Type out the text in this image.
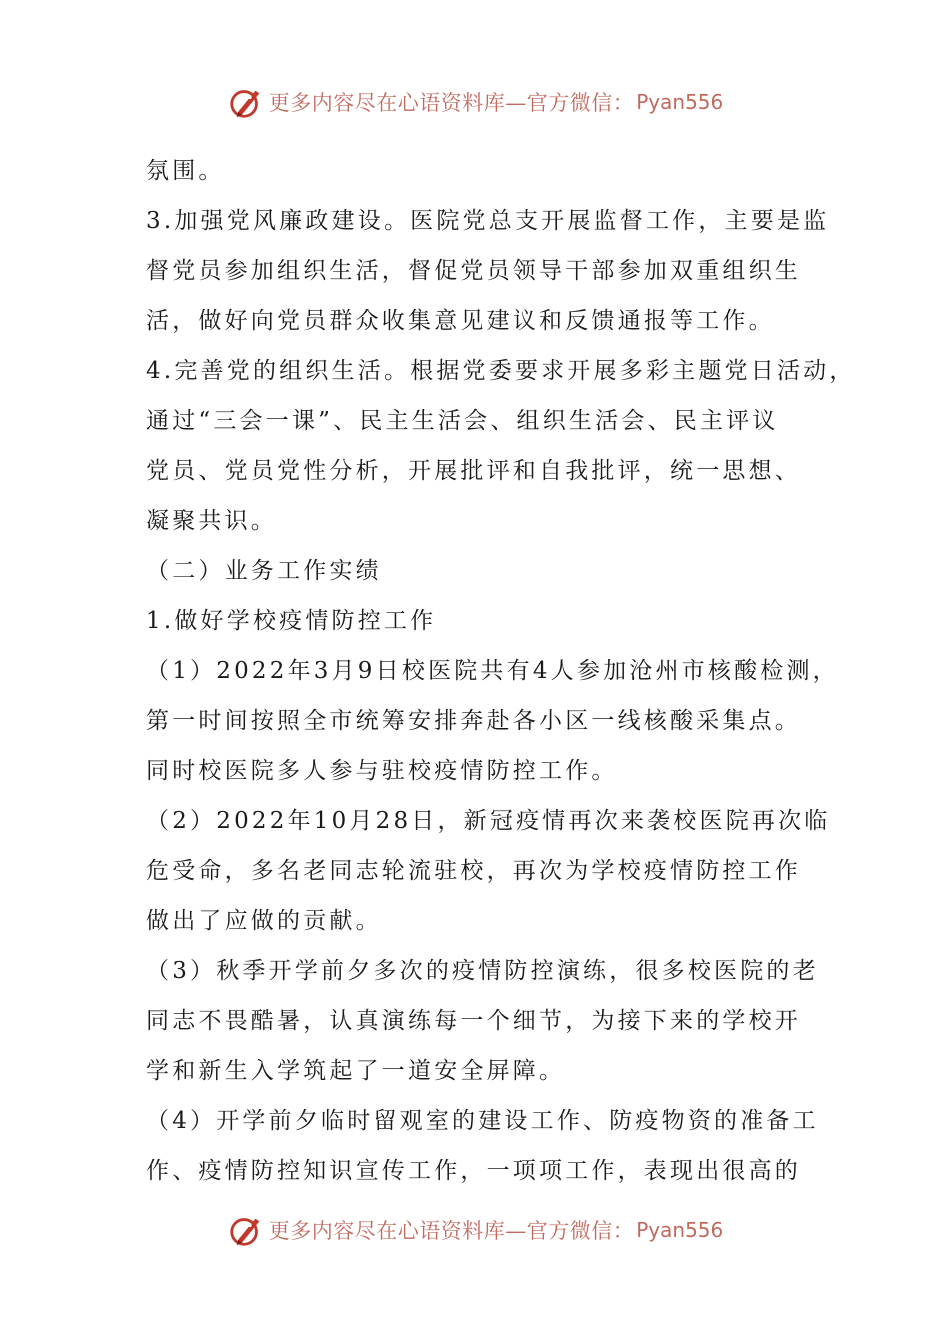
更多内容尽在心语资料库—官方微信： Pyan556
氛围。
3.加强党风廉政建设。医院党总支开展监督工作，主要是监
督党员参加组织生活，督促党员领导干部参加双重组织生
活，做好向党员群众收集意见建议和反馈通报等工作。
4.完善党的组织生活。根据党委要求开展多彩主题党日活动，
通过“三会一课”、民主生活会、组织生活会、民主评议
党员、党员党性分析，开展批评和自我批评，统一思想、
凝聚共识。
（二）业务工作实绩
1.做好学校疫情防控工作
（1）2022年3月9日校医院共有4人参加沧州市核酸检测，
第一时间按照全市统筹安排奔赴各小区一线核酸采集点。
同时校医院多人参与驻校疫情防控工作。
（2）2022年10月28日，新冠疫情再次来袭校医院再次临
危受命，多名老同志轮流驻校，再次为学校疫情防控工作
做出了应做的贡献。
（3）秋季开学前夕多次的疫情防控演练，很多校医院的老
同志不畏酷暑，认真演练每一个细节，为接下来的学校开
学和新生入学筑起了一道安全屏障。
（4）开学前夕临时留观室的建设工作、防疫物资的准备工
作、疫情防控知识宣传工作，一项项工作，表现出很高的
更多内容尽在心语资料库—官方微信： Pyan556
